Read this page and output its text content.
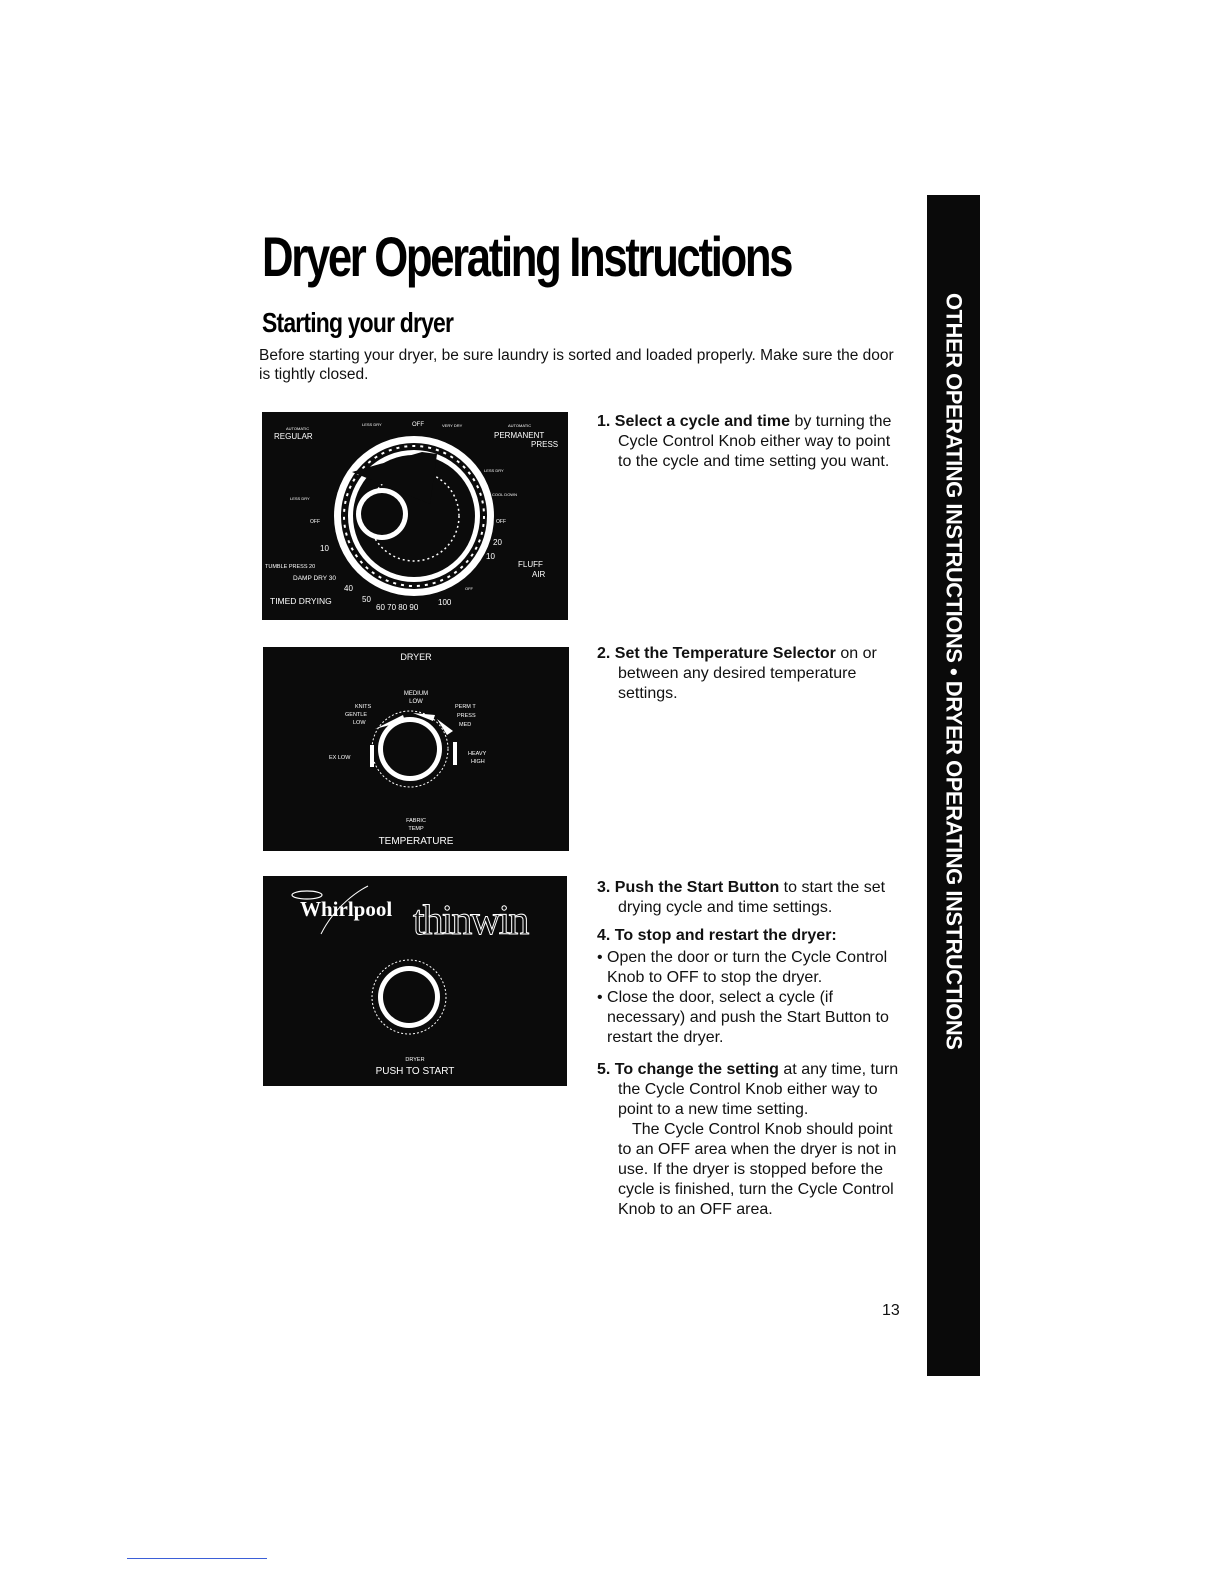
Dryer Operating Instructions
Starting your dryer
Before starting your dryer, be sure laundry is sorted and loaded properly. Make sure the door is tightly closed.
AUTOMATIC
REGULAR
LESS DRY	OFF	VERY DRY	AUTOMATIC
PERMANENT
PRESS
LESS DRY
OFF
10
TUMBLE PRESS 20
DAMP DRY 30
40
TIMED DRYING	50
60 70 80 90
100
LESS DRY
COOL DOWN
OFF
20
10
FLUFF
AIR
OFF
DRYER
MEDIUM
LOW
KNITS
GENTLE
LOW
PERM T
PRESS
MED
EX LOW
HEAVY
HIGH
FABRIC
TEMP
TEMPERATURE
Whirlpool thinwin
DRYER
PUSH TO START

1. Select a cycle and time by turning the Cycle Control Knob either way to point to the cycle and time setting you want.

2. Set the Temperature Selector on or between any desired temperature settings.

3. Push the Start Button to start the set drying cycle and time settings.

4. To stop and restart the dryer:

• Open the door or turn the Cycle Control Knob to OFF to stop the dryer.

• Close the door, select a cycle (if necessary) and push the Start Button to restart the dryer.

5. To change the setting at any time, turn the Cycle Control Knob either way to point to a new time setting.

The Cycle Control Knob should point to an OFF area when the dryer is not in use. If the dryer is stopped before the cycle is finished, turn the Cycle Control Knob to an OFF area.

13
OTHER OPERATING INSTRUCTIONS • DRYER OPERATING INSTRUCTIONS
